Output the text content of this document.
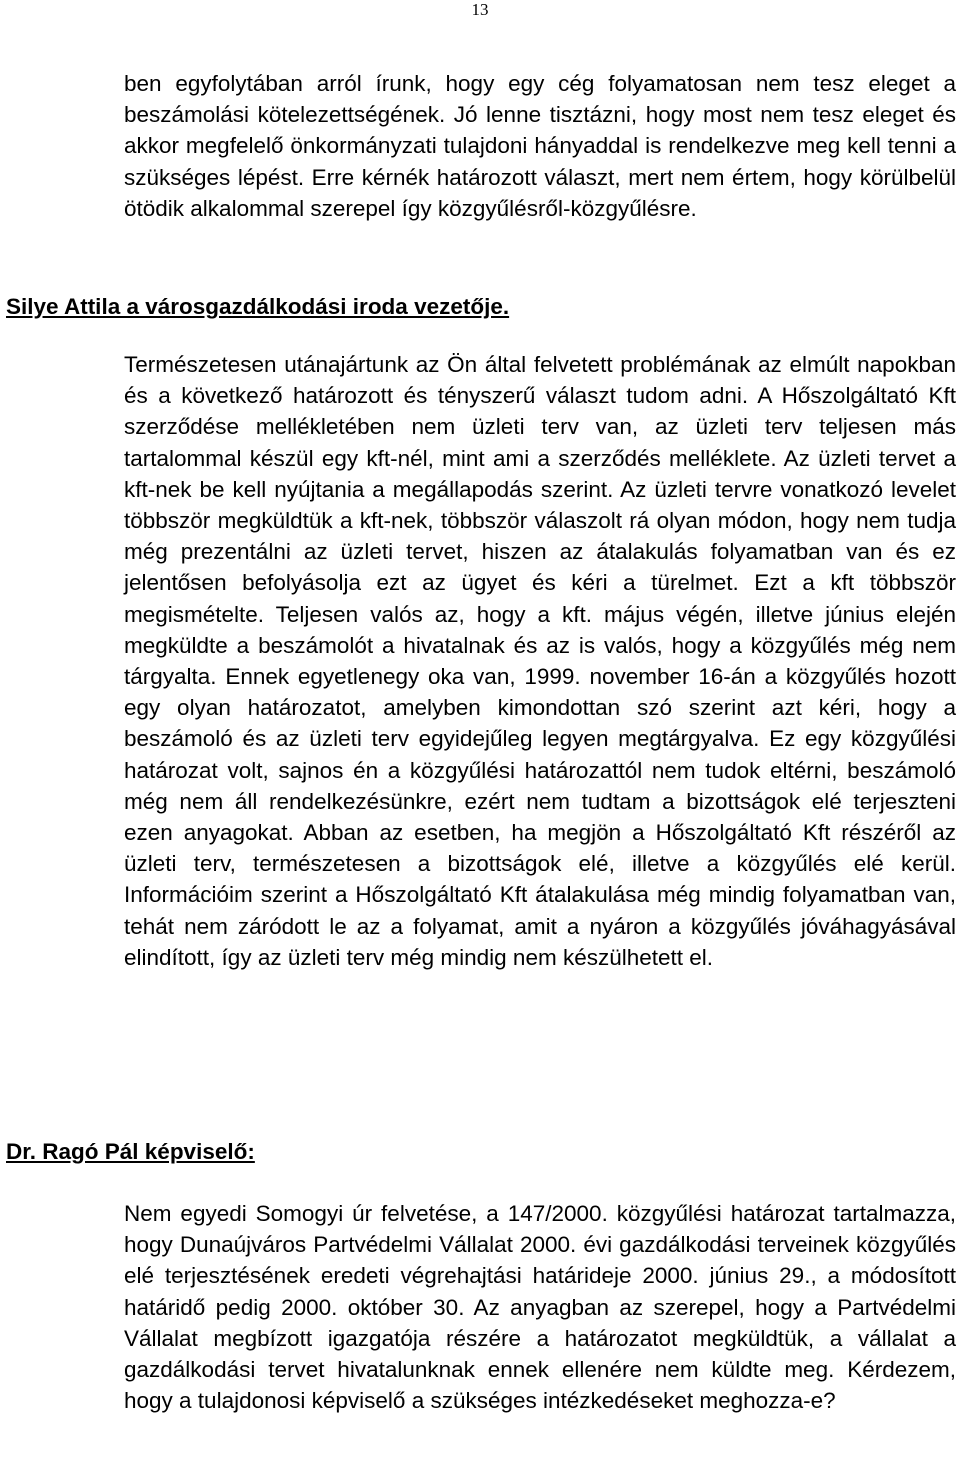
13

ben egyfolytában arról írunk, hogy egy cég folyamatosan nem tesz eleget a beszámolási kötelezettségének. Jó lenne tisztázni, hogy most nem tesz eleget és akkor megfelelő önkormányzati tulajdoni hányaddal is rendelkezve meg kell tenni a szükséges lépést. Erre kérnék határozott választ, mert nem értem, hogy körülbelül ötödik alkalommal szerepel így közgyűlésről-közgyűlésre.

Silye Attila a városgazdálkodási iroda vezetője.

Természetesen utánajártunk az Ön által felvetett problémának az elmúlt napokban és a következő határozott és tényszerű választ tudom adni. A Hőszolgáltató Kft szerződése mellékletében nem üzleti terv van, az üzleti terv teljesen más tartalommal készül egy kft-nél, mint ami a szerződés melléklete. Az üzleti tervet a kft-nek be kell nyújtania a megállapodás szerint. Az üzleti tervre vonatkozó levelet többször megküldtük a kft-nek, többször válaszolt rá olyan módon, hogy nem tudja még prezentálni az üzleti tervet, hiszen az átalakulás folyamatban van és ez jelentősen befolyásolja ezt az ügyet és kéri a türelmet. Ezt a kft többször megismételte. Teljesen valós az, hogy a kft. május végén, illetve június elején megküldte a beszámolót a hivatalnak és az is valós, hogy a közgyűlés még nem tárgyalta. Ennek egyetlenegy oka van, 1999. november 16-án a közgyűlés hozott egy olyan határozatot, amelyben kimondottan szó szerint azt kéri, hogy a beszámoló és az üzleti terv egyidejűleg legyen megtárgyalva. Ez egy közgyűlési határozat volt, sajnos én a közgyűlési határozattól nem tudok eltérni, beszámoló még nem áll rendelkezésünkre, ezért nem tudtam a bizottságok elé terjeszteni ezen anyagokat. Abban az esetben, ha megjön a Hőszolgáltató Kft részéről az üzleti terv, természetesen a bizottságok elé, illetve a közgyűlés elé kerül. Információim szerint a Hőszolgáltató Kft átalakulása még mindig folyamatban van, tehát nem záródott le az a folyamat, amit a nyáron a közgyűlés jóváhagyásával elindított, így az üzleti terv még mindig nem készülhetett el.

Dr. Ragó Pál képviselő:

Nem egyedi Somogyi úr felvetése, a 147/2000. közgyűlési határozat tartalmazza, hogy Dunaújváros Partvédelmi Vállalat 2000. évi gazdálkodási terveinek közgyűlés elé terjesztésének eredeti végrehajtási határideje 2000. június 29., a módosított határidő pedig 2000. október 30. Az anyagban az szerepel, hogy a Partvédelmi Vállalat megbízott igazgatója részére a határozatot megküldtük, a vállalat a gazdálkodási tervet hivatalunknak ennek ellenére nem küldte meg. Kérdezem, hogy a tulajdonosi képviselő a szükséges intézkedéseket meghozza-e?
